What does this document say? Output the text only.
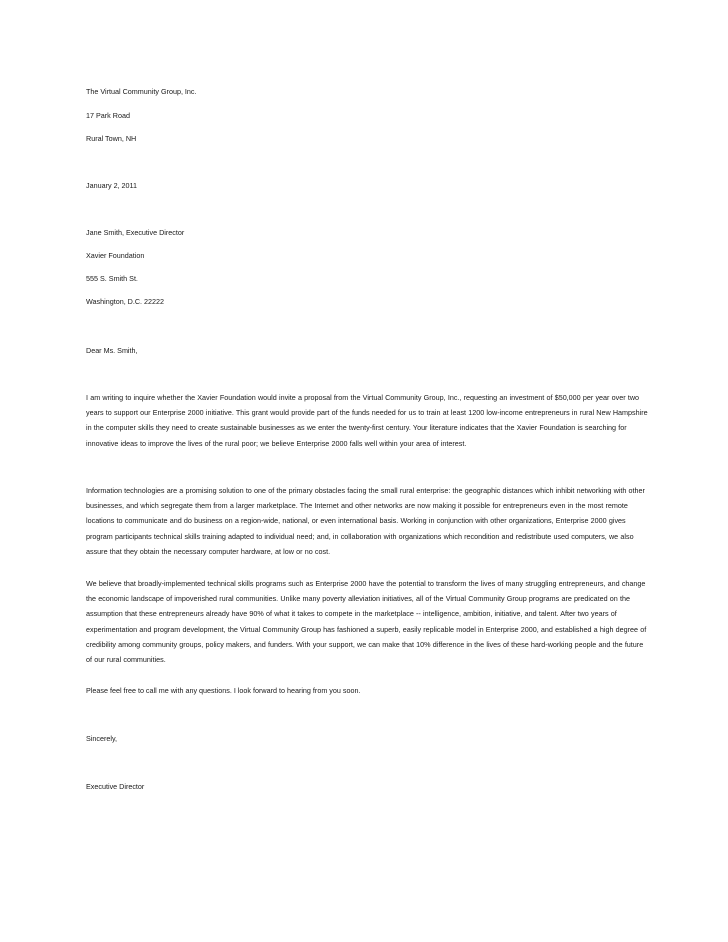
The Virtual Community Group, Inc.

17 Park Road

Rural Town, NH

January 2, 2011

Jane Smith, Executive Director

Xavier Foundation

555 S. Smith St.

Washington, D.C. 22222

Dear Ms. Smith,

I am writing to inquire whether the Xavier Foundation would invite a proposal from the Virtual Community Group, Inc., requesting an investment of $50,000 per year over two years to support our Enterprise 2000 initiative. This grant would provide part of the funds needed for us to train at least 1200 low-income entrepreneurs in rural New Hampshire in the computer skills they need to create sustainable businesses as we enter the twenty-first century. Your literature indicates that the Xavier Foundation is searching for innovative ideas to improve the lives of the rural poor; we believe Enterprise 2000 falls well within your area of interest.

Information technologies are a promising solution to one of the primary obstacles facing the small rural enterprise: the geographic distances which inhibit networking with other businesses, and which segregate them from a larger marketplace. The Internet and other networks are now making it possible for entrepreneurs even in the most remote locations to communicate and do business on a region-wide, national, or even international basis. Working in conjunction with other organizations, Enterprise 2000 gives program participants technical skills training adapted to individual need; and, in collaboration with organizations which recondition and redistribute used computers, we also assure that they obtain the necessary computer hardware, at low or no cost.

We believe that broadly-implemented technical skills programs such as Enterprise 2000 have the potential to transform the lives of many struggling entrepreneurs, and change the economic landscape of impoverished rural communities. Unlike many poverty alleviation initiatives, all of the Virtual Community Group programs are predicated on the assumption that these entrepreneurs already have 90% of what it takes to compete in the marketplace -- intelligence, ambition, initiative, and talent. After two years of experimentation and program development, the Virtual Community Group has fashioned a superb, easily replicable model in Enterprise 2000, and established a high degree of credibility among community groups, policy makers, and funders. With your support, we can make that 10% difference in the lives of these hard-working people and the future of our rural communities.

Please feel free to call me with any questions. I look forward to hearing from you soon.

Sincerely,

Executive Director
